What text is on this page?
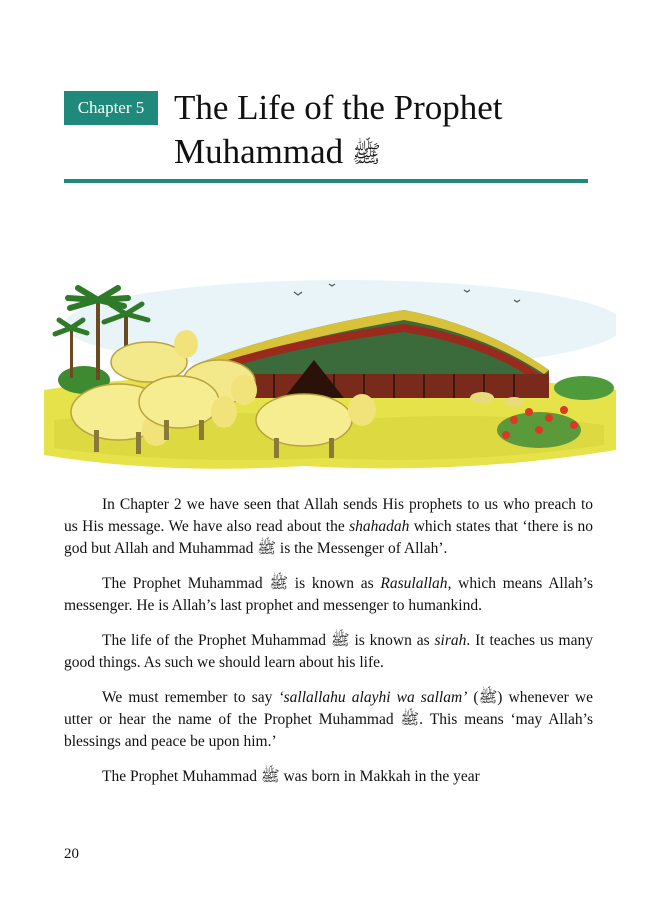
Chapter 5 The Life of the Prophet
Muhammad ﷺ

In Chapter 2 we have seen that Allah sends His prophets to us who preach to us His message. We have also read about the shahadah which states that ‘there is no god but Allah and Muhammad ﷺ is the Messenger of Allah’.

The Prophet Muhammad ﷺ is known as Rasulallah, which means Allah’s messenger. He is Allah’s last prophet and messenger to humankind.

The life of the Prophet Muhammad ﷺ is known as sirah. It teaches us many good things. As such we should learn about his life.

We must remember to say ‘sallallahu alayhi wa sallam’ (ﷺ) whenever we utter or hear the name of the Prophet Muhammad ﷺ. This means ‘may Allah’s blessings and peace be upon him.’

The Prophet Muhammad ﷺ was born in Makkah in the year

20
